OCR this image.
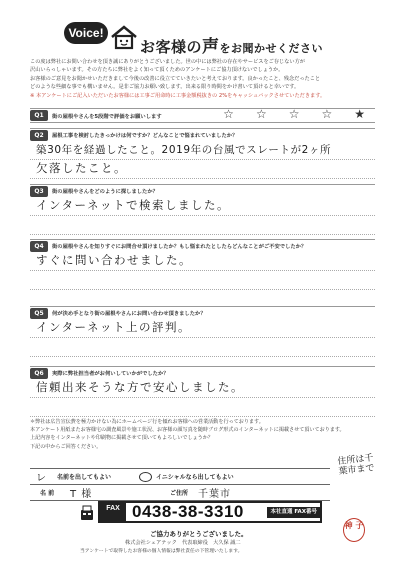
Voice!
お客様の声をお聞かせください
この度は弊社にお問い合わせを頂き誠にありがとうございました。世の中には弊社の存在やサービスをご存じない方が
沢山いらっしゃいます。その方たちに弊社をよく知って頂くためのアンケートにご協力頂けないでしょうか。
お客様のご意見をお聞かせいただきまして今後の改善に役立てていきたいと考えております。良かったこと、残念だったこと
どのような些細な事でも構いません。是非ご協力お願い致します。出来る限り時間をかけ書いて頂けると幸いです。
※ 本アンケートにご記入いただいたお客様には工事ご用命時に工事金額税抜きの 2%をキャッシュバックさせていただきます。
Q1	街の屋根やさんを5段階で評価をお願いします	☆ ☆ ☆ ☆ ★
Q2	屋根工事を検討したきっかけは何ですか？どんなことで悩まれていましたか？
築30年を経過したこと。2019年の台風でスレートが2ヶ所
欠落したこと。
Q3	街の屋根やさんをどのように探しましたか？
インターネットで検索しました。
Q4	街の屋根やさんを知りすぐにお問合せ頂けましたか？もし悩まれたとしたらどんなことがご不安でしたか？
すぐに問い合わせました。
Q5	何が決め手となり街の屋根やさんにお問い合わせ頂きましたか？
インターネット上の評判。
Q6	実際に弊社担当者がお伺いしていかがでしたか？
信頼出来そうな方で安心しました。
＊弊社は広告宣伝費を極力かけない為にホームページ行を傾れお客様への営業活動を行っております。
本アンケート用紙またお客様宅の調査風景や施工状況、お客様の顔写真を随時ブログ形式のインターネットに掲載させて頂いております。
上記内容をインターネットや印刷物に掲載させて頂いてもよろしいでしょうか？
下記の中からご回答ください。
レ 名前を出してもよい	イニシャルなら出してもよい
名 前	T 様	ご住所 千葉市
住所は千葉市まで
FAX 0438-38-3310	本社直通 FAX番号
ご協力ありがとうございました。
株式会社シェアテック　代表取締役　大久保 誠二
当アンケートで取得したお客様の個人情報は弊社責任の下管理いたします。
神 子
